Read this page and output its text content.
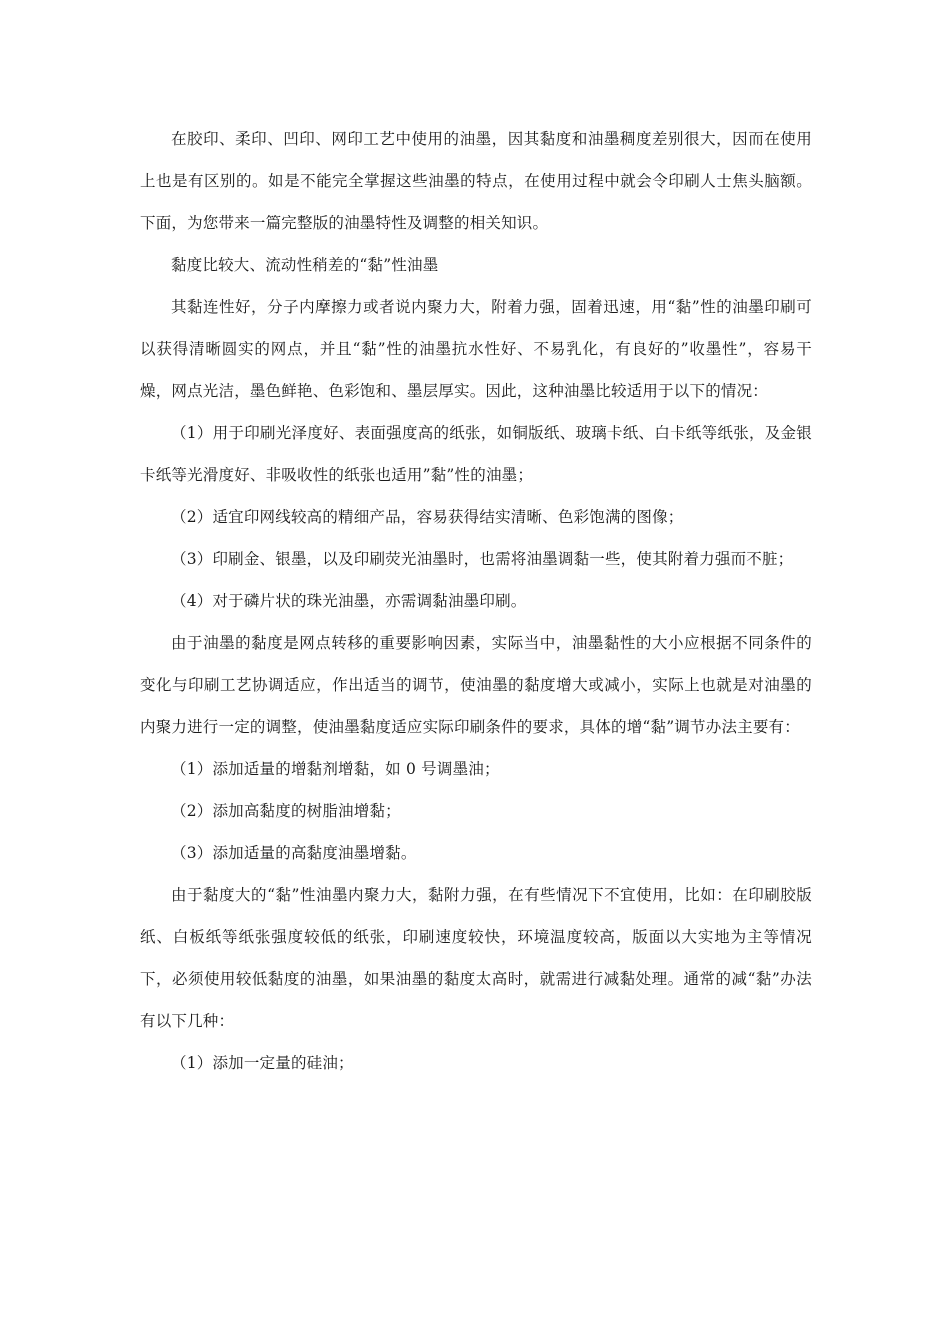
在胶印、柔印、凹印、网印工艺中使用的油墨，因其黏度和油墨稠度差别很大，因而在使用上也是有区别的。如是不能完全掌握这些油墨的特点，在使用过程中就会令印刷人士焦头脑额。下面，为您带来一篇完整版的油墨特性及调整的相关知识。

黏度比较大、流动性稍差的“黏”性油墨

其黏连性好，分子内摩擦力或者说内聚力大，附着力强，固着迅速，用“黏”性的油墨印刷可以获得清晰圆实的网点，并且“黏”性的油墨抗水性好、不易乳化，有良好的”收墨性”，容易干燥，网点光洁，墨色鲜艳、色彩饱和、墨层厚实。因此，这种油墨比较适用于以下的情况：

（1）用于印刷光泽度好、表面强度高的纸张，如铜版纸、玻璃卡纸、白卡纸等纸张，及金银卡纸等光滑度好、非吸收性的纸张也适用”黏”性的油墨；

（2）适宜印网线较高的精细产品，容易获得结实清晰、色彩饱满的图像；

（3）印刷金、银墨，以及印刷荧光油墨时，也需将油墨调黏一些，使其附着力强而不脏；

（4）对于磷片状的珠光油墨，亦需调黏油墨印刷。

由于油墨的黏度是网点转移的重要影响因素，实际当中，油墨黏性的大小应根据不同条件的变化与印刷工艺协调适应，作出适当的调节，使油墨的黏度增大或减小，实际上也就是对油墨的内聚力进行一定的调整，使油墨黏度适应实际印刷条件的要求，具体的增“黏”调节办法主要有：

（1）添加适量的增黏剂增黏，如 0 号调墨油；

（2）添加高黏度的树脂油增黏；

（3）添加适量的高黏度油墨增黏。

由于黏度大的“黏”性油墨内聚力大，黏附力强，在有些情况下不宜使用，比如：在印刷胶版纸、白板纸等纸张强度较低的纸张，印刷速度较快，环境温度较高，版面以大实地为主等情况下，必须使用较低黏度的油墨，如果油墨的黏度太高时，就需进行减黏处理。通常的减“黏”办法有以下几种：

（1）添加一定量的硅油；
